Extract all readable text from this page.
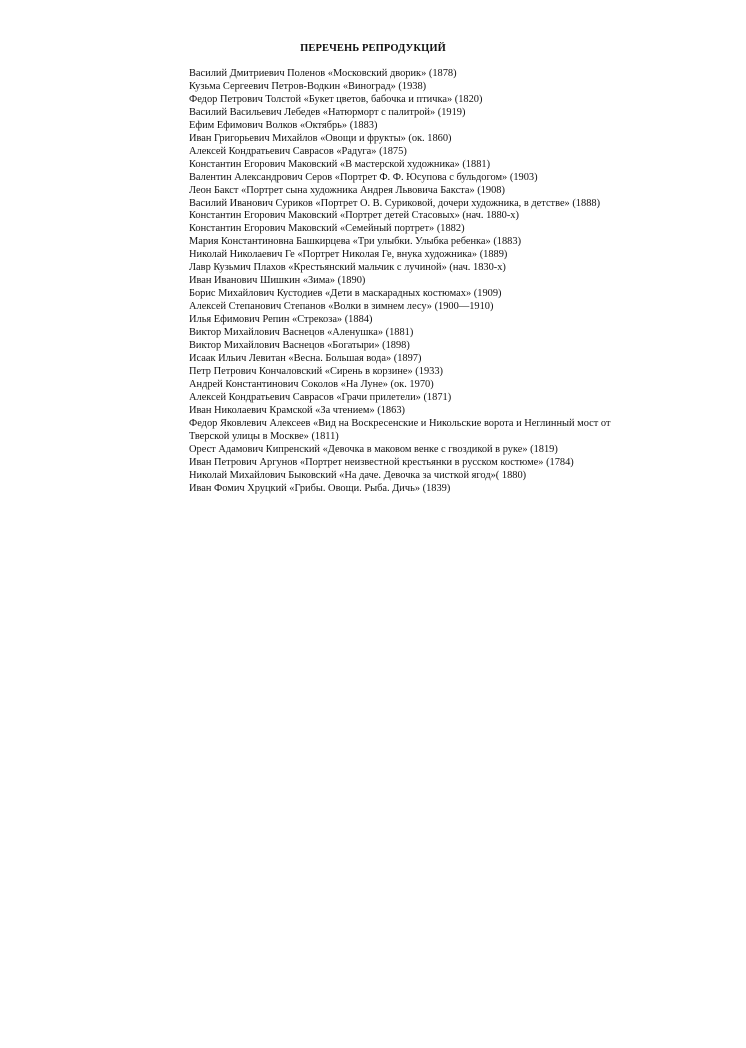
ПЕРЕЧЕНЬ РЕПРОДУКЦИЙ
Василий Дмитриевич Поленов «Московский дворик» (1878)
Кузьма Сергеевич Петров-Водкин «Виноград» (1938)
Федор Петрович Толстой «Букет цветов, бабочка и птичка» (1820)
Василий Васильевич Лебедев «Натюрморт с палитрой» (1919)
Ефим Ефимович Волков «Октябрь» (1883)
Иван Григорьевич Михайлов «Овощи и фрукты» (ок. 1860)
Алексей Кондратьевич Саврасов «Радуга» (1875)
Константин Егорович Маковский «В мастерской художника» (1881)
Валентин Александрович Серов «Портрет Ф. Ф. Юсупова с бульдогом» (1903)
Леон Бакст «Портрет сына художника Андрея Львовича Бакста» (1908)
Василий Иванович Суриков «Портрет О. В. Суриковой, дочери художника, в детстве» (1888)
Константин Егорович Маковский «Портрет детей Стасовых» (нач. 1880-х)
Константин Егорович Маковский «Семейный портрет» (1882)
Мария Константиновна Башкирцева «Три улыбки. Улыбка ребенка» (1883)
Николай Николаевич Ге «Портрет Николая Ге, внука художника» (1889)
Лавр Кузьмич Плахов «Крестьянский мальчик с лучиной» (нач. 1830-х)
Иван Иванович Шишкин «Зима» (1890)
Борис Михайлович Кустодиев «Дети в маскарадных костюмах» (1909)
Алексей Степанович Степанов «Волки в зимнем лесу» (1900—1910)
Илья Ефимович Репин «Стрекоза» (1884)
Виктор Михайлович Васнецов «Аленушка» (1881)
Виктор Михайлович Васнецов «Богатыри» (1898)
Исаак Ильич Левитан «Весна. Большая вода» (1897)
Петр Петрович Кончаловский «Сирень в корзине» (1933)
Андрей Константинович Соколов «На Луне» (ок. 1970)
Алексей Кондратьевич Саврасов «Грачи прилетели» (1871)
Иван Николаевич Крамской «За чтением» (1863)
Федор Яковлевич Алексеев «Вид на Воскресенские и Никольские ворота и Неглинный мост от Тверской улицы в Москве» (1811)
Орест Адамович Кипренский «Девочка в маковом венке с гвоздикой в руке» (1819)
Иван Петрович Аргунов «Портрет неизвестной крестьянки в русском костюме» (1784)
Николай Михайлович Быковский «На даче. Девочка за чисткой ягод»( 1880)
Иван Фомич Хруцкий «Грибы. Овощи. Рыба. Дичь» (1839)
